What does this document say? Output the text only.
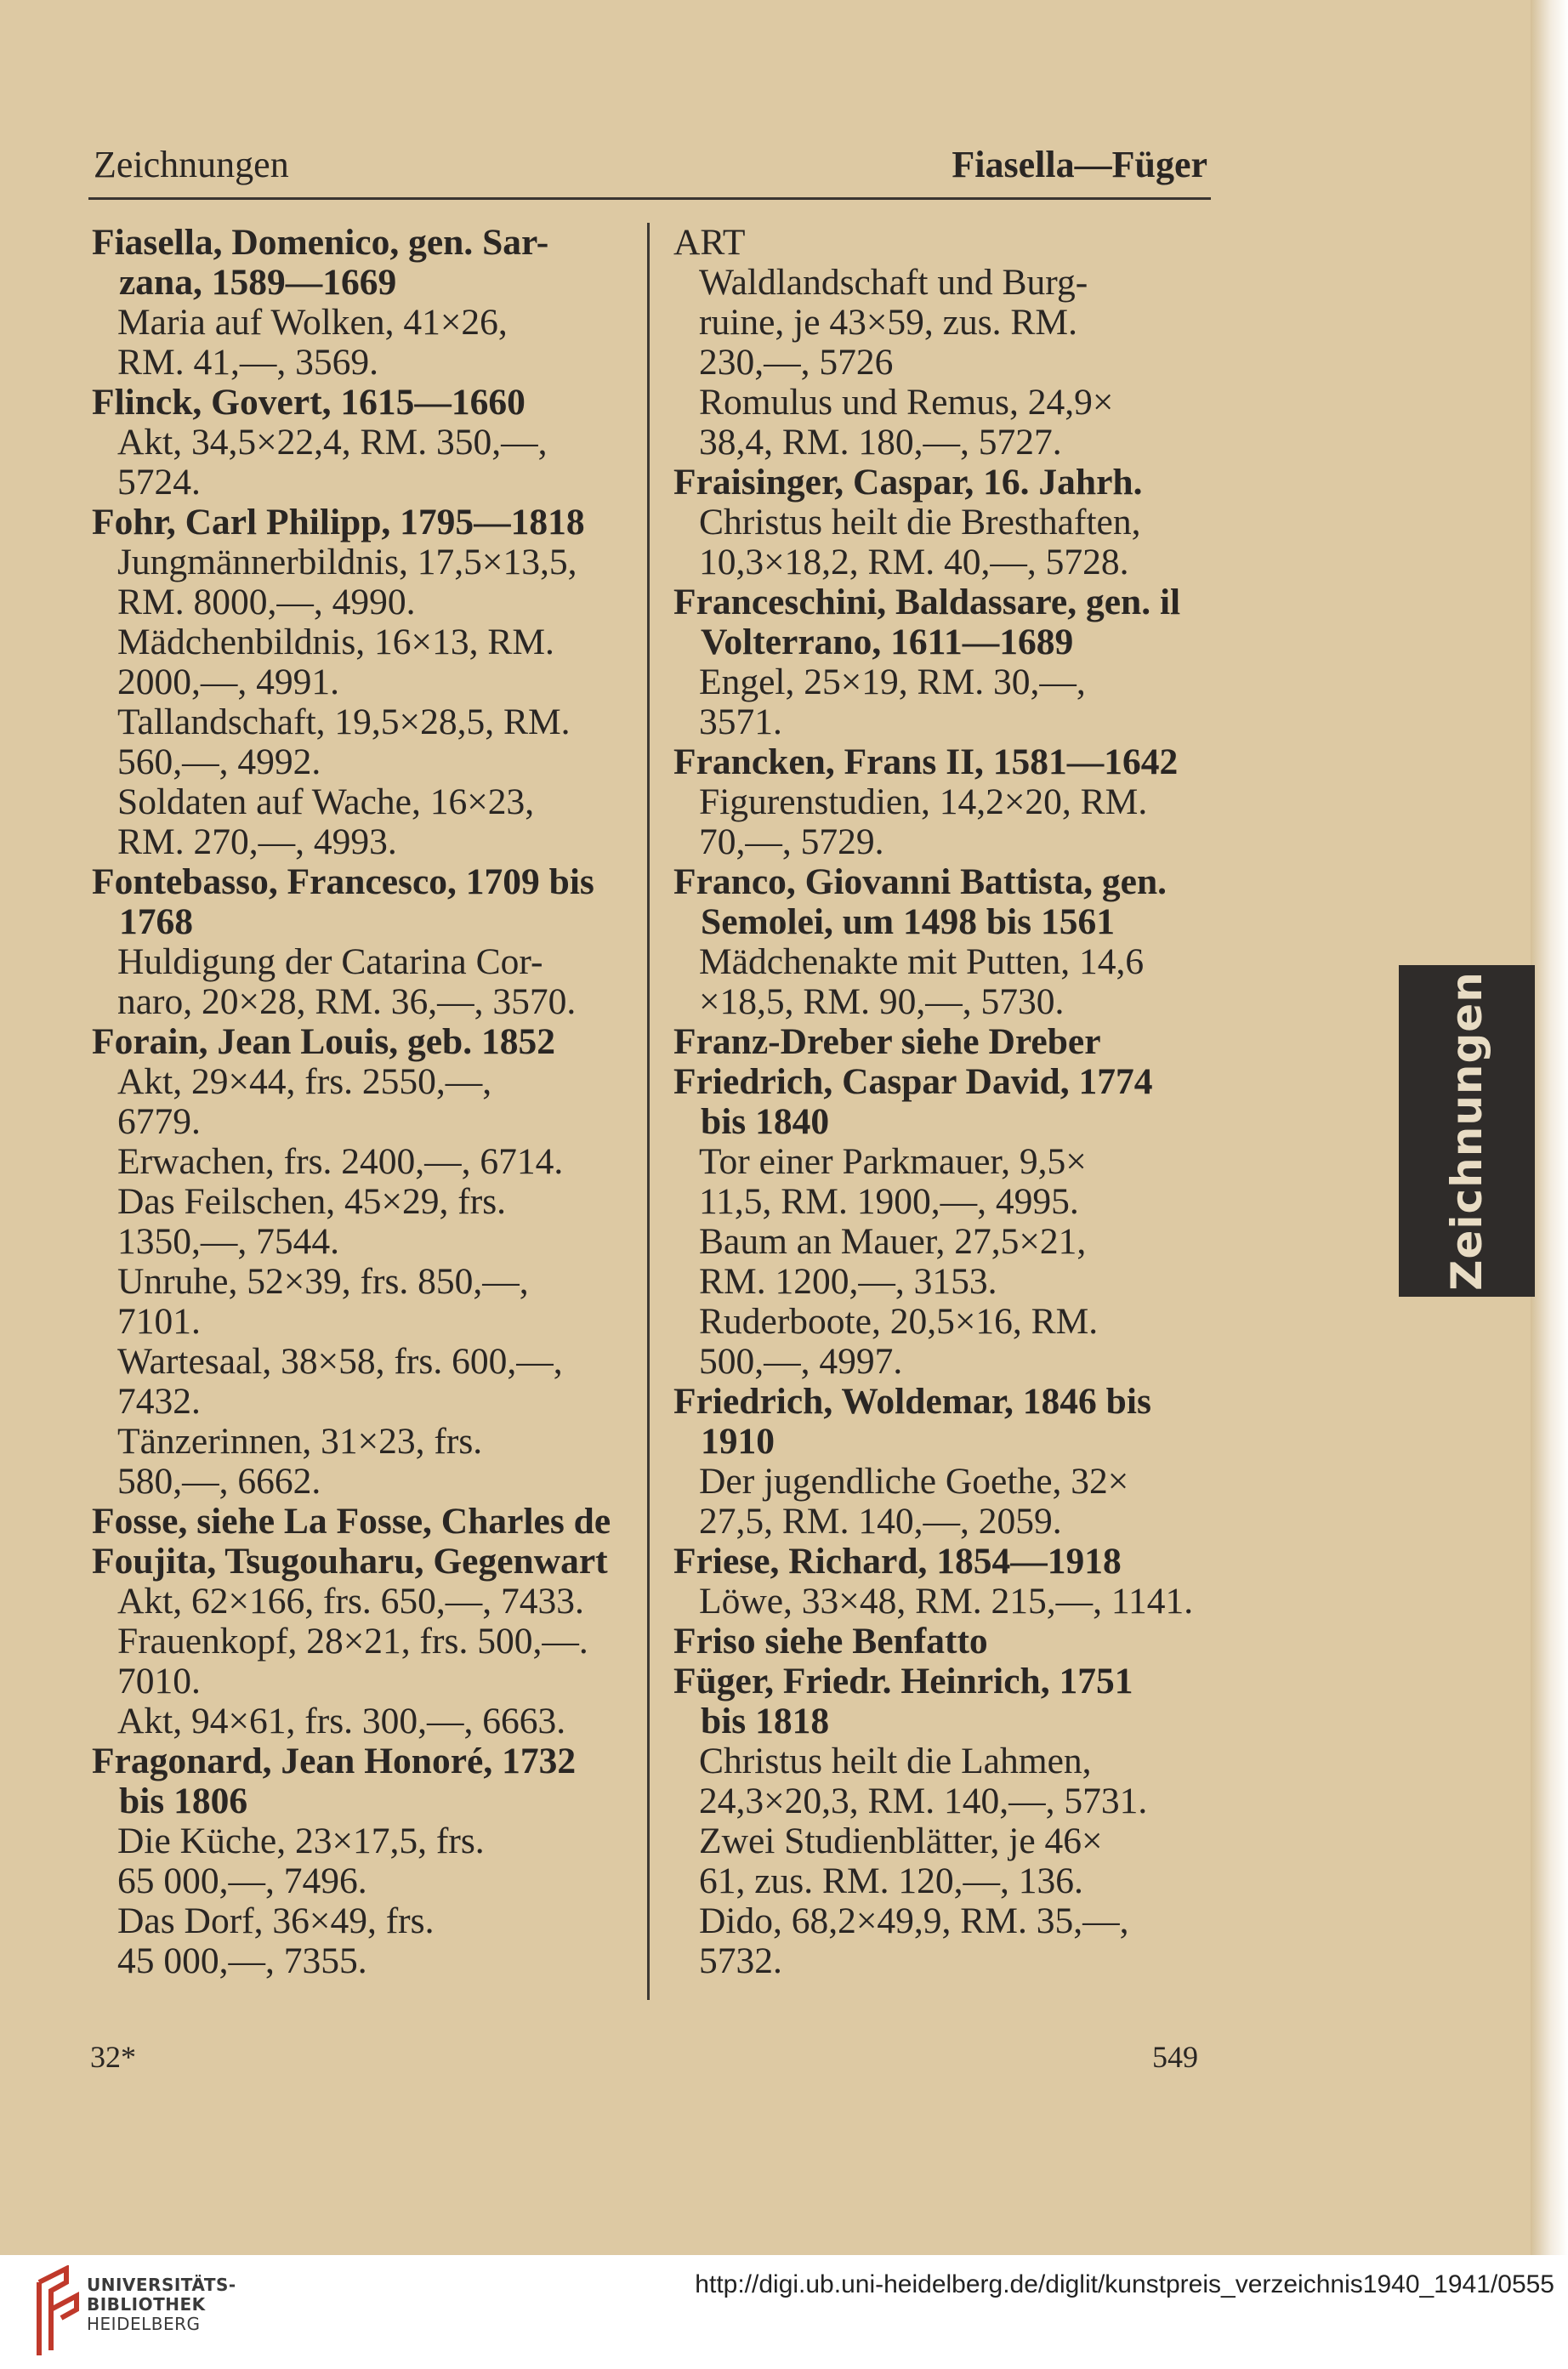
Zeichnungen	Fiasella—Füger
Fiasella, Domenico, gen. Sar-
zana, 1589—1669
Maria auf Wolken, 41×26,
RM. 41,—, 3569.
Flinck, Govert, 1615—1660
Akt, 34,5×22,4, RM. 350,—,
5724.
Fohr, Carl Philipp, 1795—1818
Jungmännerbildnis, 17,5×13,5,
RM. 8000,—, 4990.
Mädchenbildnis, 16×13, RM.
2000,—, 4991.
Tallandschaft, 19,5×28,5, RM.
560,—, 4992.
Soldaten auf Wache, 16×23,
RM. 270,—, 4993.
Fontebasso, Francesco, 1709 bis
1768
Huldigung der Catarina Cor-
naro, 20×28, RM. 36,—, 3570.
Forain, Jean Louis, geb. 1852
Akt, 29×44, frs. 2550,—,
6779.
Erwachen, frs. 2400,—, 6714.
Das Feilschen, 45×29, frs.
1350,—, 7544.
Unruhe, 52×39, frs. 850,—,
7101.
Wartesaal, 38×58, frs. 600,—,
7432.
Tänzerinnen, 31×23, frs.
580,—, 6662.
Fosse, siehe La Fosse, Charles de
Foujita, Tsugouharu, Gegenwart
Akt, 62×166, frs. 650,—, 7433.
Frauenkopf, 28×21, frs. 500,—.
7010.
Akt, 94×61, frs. 300,—, 6663.
Fragonard, Jean Honoré, 1732
bis 1806
Die Küche, 23×17,5, frs.
65 000,—, 7496.
Das Dorf, 36×49, frs.
45 000,—, 7355.
ART
Waldlandschaft und Burg-
ruine, je 43×59, zus. RM.
230,—, 5726
Romulus und Remus, 24,9×
38,4, RM. 180,—, 5727.
Fraisinger, Caspar, 16. Jahrh.
Christus heilt die Bresthaften,
10,3×18,2, RM. 40,—, 5728.
Franceschini, Baldassare, gen. il
Volterrano, 1611—1689
Engel, 25×19, RM. 30,—,
3571.
Francken, Frans II, 1581—1642
Figurenstudien, 14,2×20, RM.
70,—, 5729.
Franco, Giovanni Battista, gen.
Semolei, um 1498 bis 1561
Mädchenakte mit Putten, 14,6
×18,5, RM. 90,—, 5730.
Franz-Dreber siehe Dreber
Friedrich, Caspar David, 1774
bis 1840
Tor einer Parkmauer, 9,5×
11,5, RM. 1900,—, 4995.
Baum an Mauer, 27,5×21,
RM. 1200,—, 3153.
Ruderboote, 20,5×16, RM.
500,—, 4997.
Friedrich, Woldemar, 1846 bis
1910
Der jugendliche Goethe, 32×
27,5, RM. 140,—, 2059.
Friese, Richard, 1854—1918
Löwe, 33×48, RM. 215,—, 1141.
Friso siehe Benfatto
Füger, Friedr. Heinrich, 1751
bis 1818
Christus heilt die Lahmen,
24,3×20,3, RM. 140,—, 5731.
Zwei Studienblätter, je 46×
61, zus. RM. 120,—, 136.
Dido, 68,2×49,9, RM. 35,—,
5732.
Zeichnungen
32*	549
UNIVERSITÄTS-
BIBLIOTHEK
HEIDELBERG
http://digi.ub.uni-heidelberg.de/diglit/kunstpreis_verzeichnis1940_1941/0555
